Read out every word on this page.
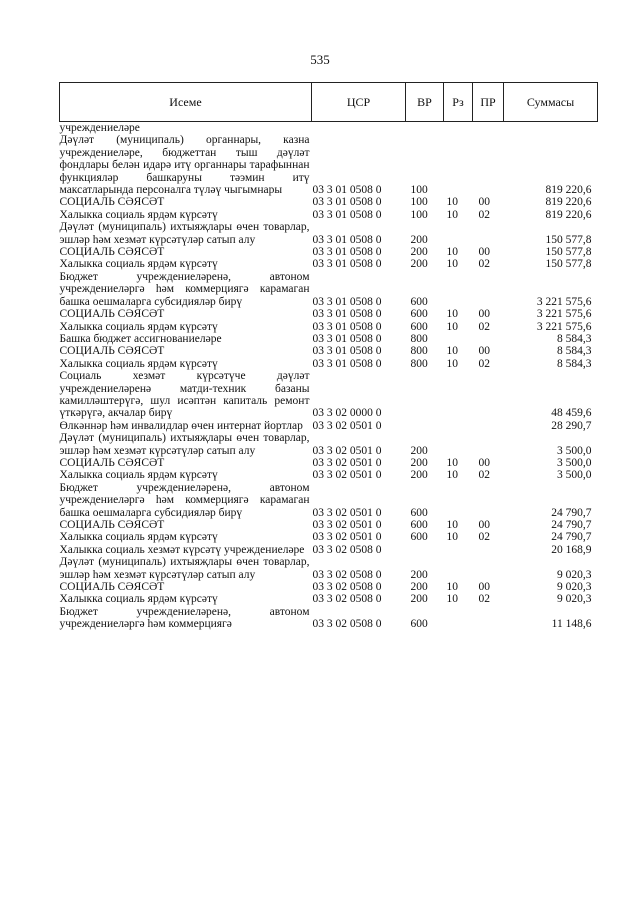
535
Исеме	ЦСР	ВР	Рз	ПР	Суммасы
учреждениеләре					
Дәүләт (муниципаль) органнары, казна учреждениеләре, бюджеттан тыш дәүләт фондлары белән идарә итү органнары тарафыннан функцияләр башкаруны тәэмин итү максатларында персоналга түләү чыгымнары	03 3 01 0508 0	100			819 220,6
СОЦИАЛЬ СӘЯСӘТ	03 3 01 0508 0	100	10	00	819 220,6
Халыкка социаль ярдәм күрсәтү	03 3 01 0508 0	100	10	02	819 220,6
Дәүләт (муниципаль) ихтыяҗлары өчен товарлар, эшләр һәм хезмәт күрсәтүләр сатып алу	03 3 01 0508 0	200			150 577,8
СОЦИАЛЬ СӘЯСӘТ	03 3 01 0508 0	200	10	00	150 577,8
Халыкка социаль ярдәм күрсәтү	03 3 01 0508 0	200	10	02	150 577,8
Бюджет учреждениеләренә, автоном учреждениеләргә һәм коммерциягә карамаган башка оешмаларга субсидияләр бирү	03 3 01 0508 0	600			3 221 575,6
СОЦИАЛЬ СӘЯСӘТ	03 3 01 0508 0	600	10	00	3 221 575,6
Халыкка социаль ярдәм күрсәтү	03 3 01 0508 0	600	10	02	3 221 575,6
Башка бюджет ассигнованиеләре	03 3 01 0508 0	800			8 584,3
СОЦИАЛЬ СӘЯСӘТ	03 3 01 0508 0	800	10	00	8 584,3
Халыкка социаль ярдәм күрсәтү	03 3 01 0508 0	800	10	02	8 584,3
Социаль хезмәт күрсәтүче дәүләт учреждениеләренә матди-техник базаны камилләштерүгә, шул исәптән капиталь ремонт үткәрүгә, акчалар бирү	03 3 02 0000 0				48 459,6
Өлкәннәр һәм инвалидлар өчен интернат йортлар	03 3 02 0501 0				28 290,7
Дәүләт (муниципаль) ихтыяҗлары өчен товарлар, эшләр һәм хезмәт күрсәтүләр сатып алу	03 3 02 0501 0	200			3 500,0
СОЦИАЛЬ СӘЯСӘТ	03 3 02 0501 0	200	10	00	3 500,0
Халыкка социаль ярдәм күрсәтү	03 3 02 0501 0	200	10	02	3 500,0
Бюджет учреждениеләренә, автоном учреждениеләргә һәм коммерциягә карамаган башка оешмаларга субсидияләр бирү	03 3 02 0501 0	600			24 790,7
СОЦИАЛЬ СӘЯСӘТ	03 3 02 0501 0	600	10	00	24 790,7
Халыкка социаль ярдәм күрсәтү	03 3 02 0501 0	600	10	02	24 790,7
Халыкка социаль хезмәт күрсәтү учреждениеләре	03 3 02 0508 0				20 168,9
Дәүләт (муниципаль) ихтыяҗлары өчен товарлар, эшләр һәм хезмәт күрсәтүләр сатып алу	03 3 02 0508 0	200			9 020,3
СОЦИАЛЬ СӘЯСӘТ	03 3 02 0508 0	200	10	00	9 020,3
Халыкка социаль ярдәм күрсәтү	03 3 02 0508 0	200	10	02	9 020,3
Бюджет учреждениеләренә, автоном учреждениеләргә һәм коммерциягә	03 3 02 0508 0	600			11 148,6
